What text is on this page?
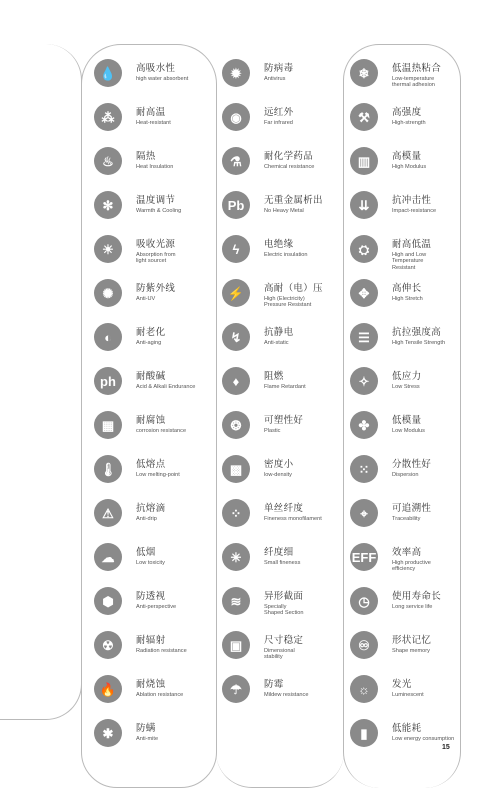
💧	高吸水性
high water absorbent
⁂	耐高温
Heat-resistant
♨	隔热
Heat Insulation
✻	温度调节
Warmth & Cooling
☀	吸收光源
Absorption from
light sourcet
✺	防紫外线
Anti-UV
◐	耐老化
Anti-aging
ph	耐酸碱
Acid & Alkali Endurance
▦	耐腐蚀
corrosion resistance
🌡	低熔点
Low melting-point
⚠	抗熔滴
Anti-drip
☁	低烟
Low toxicity
⬢	防透视
Anti-perspective
☢	耐辐射
Radiation resistance
🔥	耐烧蚀
Ablation resistance
✱	防螨
Anti-mite
✹	防病毒
Antivirus
◉	远红外
Far infrared
⚗	耐化学药品
Chemical resistance
Pb	无重金属析出
No Heavy Metal
ϟ	电绝缘
Electric insulation
⚡	高耐（电）压
High (Electricity)
Pressure Resistant
↯	抗静电
Anti-static
♦	阻燃
Flame Retardant
❂	可塑性好
Plastic
▩	密度小
low-density
⁘	单丝纤度
Fineness monofilament
✳	纤度细
Small fineness
≋	异形截面
Specially
Shaped Section
▣	尺寸稳定
Dimensional
stability
☂	防霉
Mildew resistance
❄	低温热粘合
Low-temperature
thermal adhesion
⚒	高强度
High-strength
▥	高模量
High Modulus
⇊	抗冲击性
Impact-resistance
⛭	耐高低温
High and Low
Temperature
Resistant
✥	高伸长
High Stretch
☰	抗拉强度高
High Tensile Strength
✧	低应力
Low Stress
✤	低模量
Low Modulus
⁙	分散性好
Dispersion
⌖	可追溯性
Traceability
EFF 效率高
High productive
efficiency
◷	使用寿命长
Long service life
♾	形状记忆
Shape memory
☼	发光
Luminescent
▮	低能耗
Low energy consumption
15
